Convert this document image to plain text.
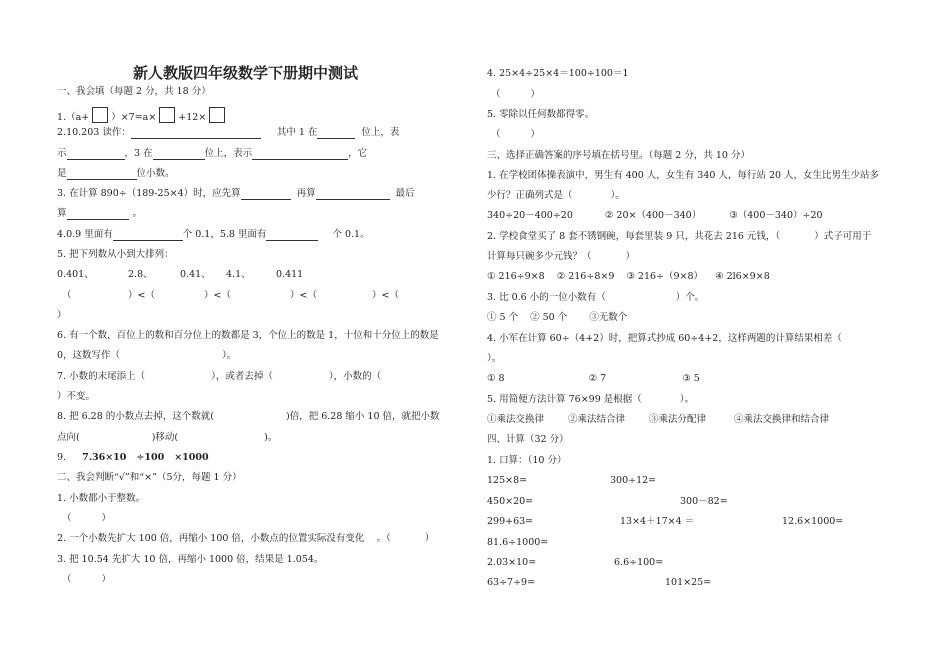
新人教版四年级数学下册期中测试
一、我会填（每题 2 分，共 18 分）
1.（a+ ）×7=a× +12×
2.10.203 读作：	其中 1 在	位上，表
示	，3 在	位上，表示	，它
是	位小数。
3. 在计算 890÷（189-25×4）时，应先算	再算	最后
算	。
4.0.9 里面有	个 0.1，5.8 里面有	个 0.1。
5. 把下列数从小到大排列：
0.401、	2.8、	0.41、 4.1、	0.411
（	）<（	）<（	）<（	）<（
）
6. 有一个数，百位上的数和百分位上的数都是 3，个位上的数是 1，十位和十分位上的数是
0，这数写作（	）。
7. 小数的末尾添上（	），或者去掉（	），小数的（
）不变。
8. 把 6.28 的小数点去掉，这个数就(	)倍，把 6.28 缩小 10 倍，就把小数
点向(	)移动(	)。
9. 7.36×10 ÷100 ×1000
二、我会判断“√”和“×”（5分，每题 1 分）
1. 小数都小于整数。
（	）
2. 一个小数先扩大 100 倍，再缩小 100 倍，小数点的位置实际没有变化 。（	）
3. 把 10.54 先扩大 10 倍，再缩小 1000 倍，结果是 1.054。
（	）
4. 25×4÷25×4＝100÷100＝1
（	）
5. 零除以任何数都得零。
（	）
三、选择正确答案的序号填在括号里。（每题 2 分，共 10 分）
1. 在学校团体操表演中，男生有 400 人，女生有 340 人，每行站 20 人，女生比男生少站多
少行？正确列式是（	）。
340÷20－400÷20	② 20×（400－340）	③（400－340）÷20
2. 学校食堂买了 8 套不锈钢碗，每套里装 9 只，共花去 216 元钱，（	）式子可用于
计算每只碗多少元钱？（	）
① 216÷9×8 ② 216÷8×9 ③ 216÷（9×8） ④ 2l6×9×8
3. 比 0.6 小的一位小数有（	）个。
① 5 个 ② 50 个 ③无数个
4. 小军在计算 60÷（4+2）时，把算式抄成 60÷4+2，这样两题的计算结果相差（
）。
① 8	② 7	③ 5
5. 用简便方法计算 76×99 是根据（	）。
①乘法交换律	②乘法结合律	③乘法分配律	④乘法交换律和结合律
四、计算（32 分）
1. 口算：（10 分）
125×8=	300÷12=
450×20=	300－82=
299+63=	13×4＋17×4 ＝	12.6×1000=
81.6÷1000=
2.03×10=	6.6÷100=
63÷7÷9=	101×25=
